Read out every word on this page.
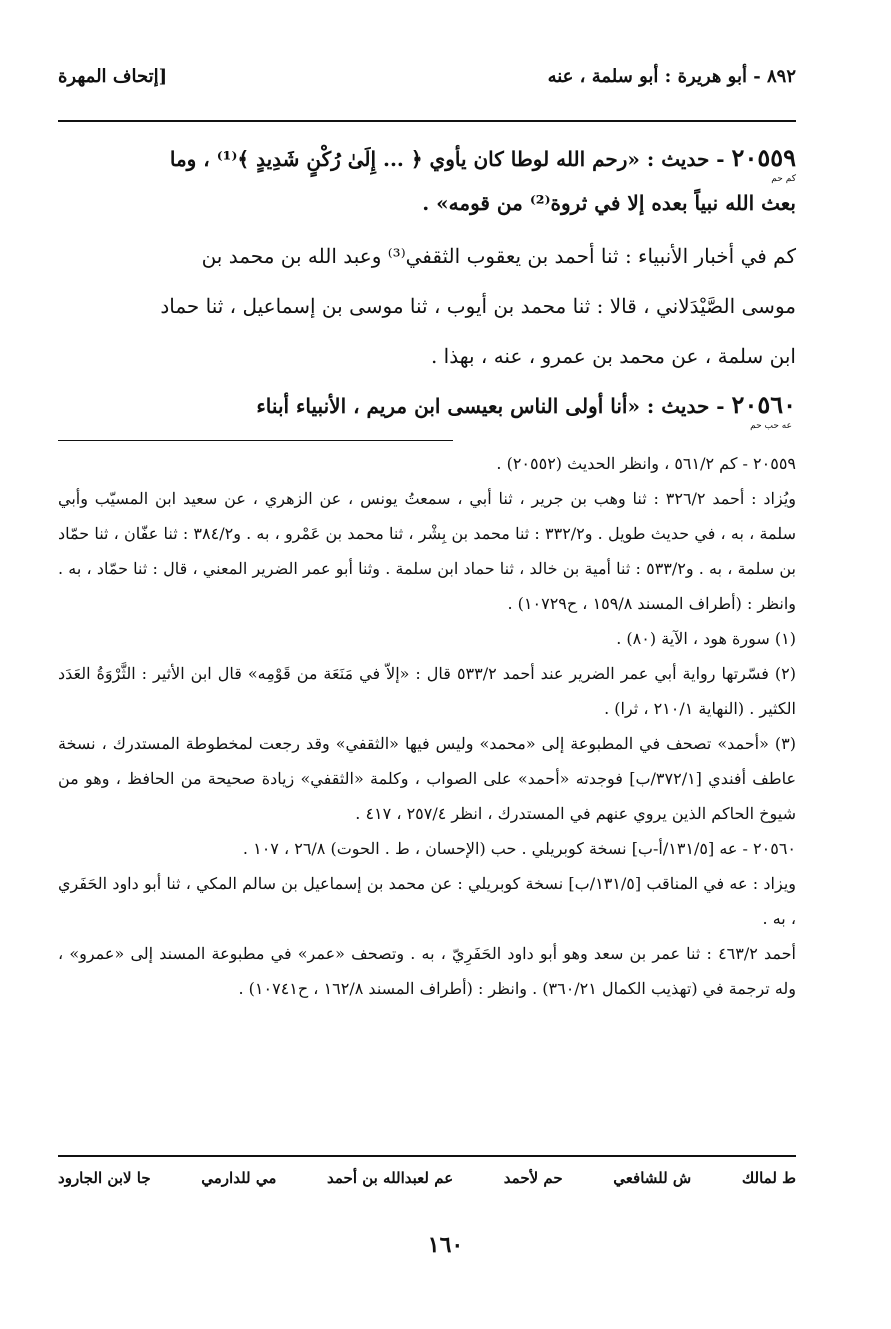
٨٩٢ - أبو هريرة : أبو سلمة ، عنه
[إتحاف المهرة
٢٠٥٥٩ - حديث : «رحم الله لوطا كان يأوي ﴿ ... إِلَىٰ رُكْنٍ شَدِيدٍ ﴾⁽¹⁾ ، وما
كم حم
بعث الله نبياً بعده إلا في ثروة⁽²⁾ من قومه» .
كم في أخبار الأنبياء : ثنا أحمد بن يعقوب الثقفي⁽³⁾ وعبد الله بن محمد بن
موسى الصَّيْدَلاني ، قالا : ثنا محمد بن أيوب ، ثنا موسى بن إسماعيل ، ثنا حماد
ابن سلمة ، عن محمد بن عمرو ، عنه ، بهذا .
٢٠٥٦٠ - حديث : «أنا أولى الناس بعيسى ابن مريم ، الأنبياء أبناء
عه حب حم

٢٠٥٥٩ - كم ٥٦١/٢ ، وانظر الحديث (٢٠٥٥٢) .

ويُزاد : أحمد ٣٢٦/٢ : ثنا وهب بن جرير ، ثنا أبي ، سمعتُ يونس ، عن الزهري ، عن سعيد ابن المسيّب وأبي سلمة ، به ، في حديث طويل . و٣٣٢/٢ : ثنا محمد بن بِشْر ، ثنا محمد بن عَمْرو ، به . و٣٨٤/٢ : ثنا عفّان ، ثنا حمّاد بن سلمة ، به . و٥٣٣/٢ : ثنا أمية بن خالد ، ثنا حماد ابن سلمة . وثنا أبو عمر الضرير المعني ، قال : ثنا حمّاد ، به . وانظر : (أطراف المسند ١٥٩/٨ ، ح١٠٧٢٩) .

(١) سورة هود ، الآية (٨٠) .

(٢) فسّرتها رواية أبي عمر الضرير عند أحمد ٥٣٣/٢ قال : «إلاّ في مَنَعَة من قَوْمِه» قال ابن الأثير : الثَّرْوَةُ العَدَد الكثير . (النهاية ٢١٠/١ ، ثرا) .

(٣) «أحمد» تصحف في المطبوعة إلى «محمد» وليس فيها «الثقفي» وقد رجعت لمخطوطة المستدرك ، نسخة عاطف أفندي [٣٧٢/١/ب] فوجدته «أحمد» على الصواب ، وكلمة «الثقفي» زيادة صحيحة من الحافظ ، وهو من شيوخ الحاكم الذين يروي عنهم في المستدرك ، انظر ٢٥٧/٤ ، ٤١٧ .

٢٠٥٦٠ - عه [١٣١/٥/أ-ب] نسخة كوبريلي . حب (الإحسان ، ط . الحوت) ٢٦/٨ ، ١٠٧ .

ويزاد : عه في المناقب [١٣١/٥/ب] نسخة كوبريلي : عن محمد بن إسماعيل بن سالم المكي ، ثنا أبو داود الحَفَري ، به .

أحمد ٤٦٣/٢ : ثنا عمر بن سعد وهو أبو داود الحَفَرِيّ ، به . وتصحف «عمر» في مطبوعة المسند إلى «عمرو» ، وله ترجمة في (تهذيب الكمال ٣٦٠/٢١) . وانظر : (أطراف المسند ١٦٢/٨ ، ح١٠٧٤١) .

ط لمالك
ش للشافعي
حم لأحمد
عم لعبدالله بن أحمد
مي للدارمي
جا لابن الجارود
١٦٠
